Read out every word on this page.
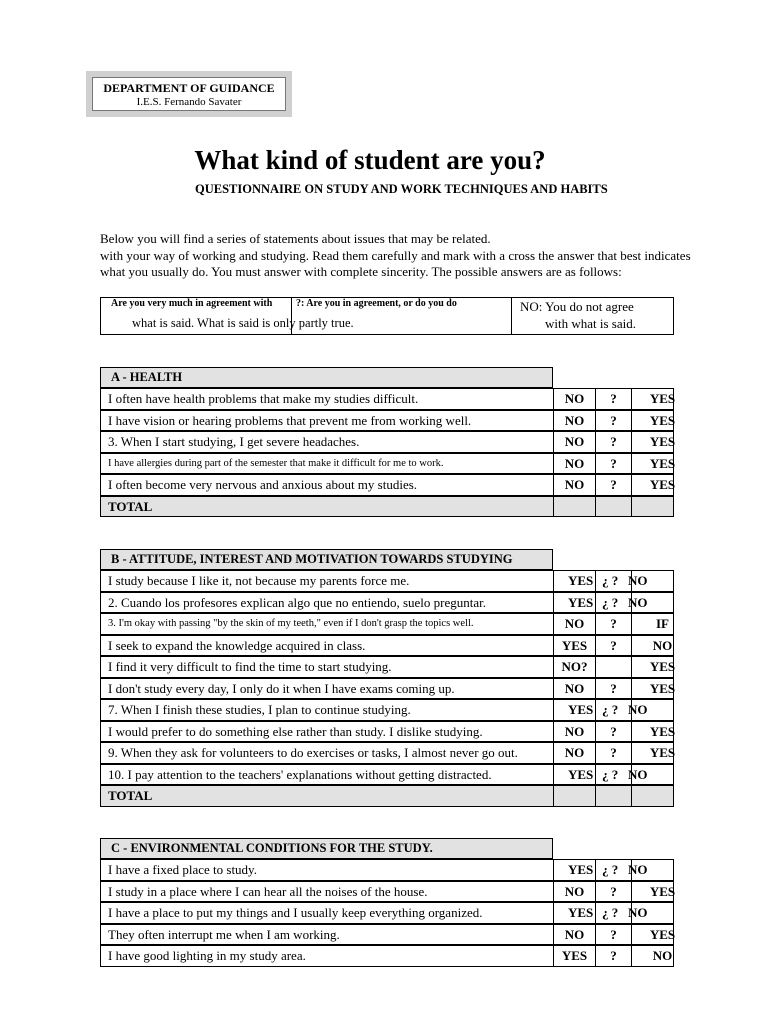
DEPARTMENT OF GUIDANCE
I.E.S. Fernando Savater
What kind of student are you?
QUESTIONNAIRE ON STUDY AND WORK TECHNIQUES AND HABITS
Below you will find a series of statements about issues that may be related.
with your way of working and studying. Read them carefully and mark with a cross the answer that best indicates
what you usually do. You must answer with complete sincerity. The possible answers are as follows:
Are you very much in agreement with
what is said. What is said is only partly true.
?: Are you in agreement, or do you do	NO: You do not agree
with what is said.
A - HEALTH
I often have health problems that make my studies difficult.	NO	?	YES
I have vision or hearing problems that prevent me from working well.	NO	?	YES
3. When I start studying, I get severe headaches.	NO	?	YES
I have allergies during part of the semester that make it difficult for me to work.	NO	?	YES
I often become very nervous and anxious about my studies.	NO	?	YES
TOTAL
B - ATTITUDE, INTEREST AND MOTIVATION TOWARDS STUDYING
I study because I like it, not because my parents force me.	YES ¿ ? NO
2. Cuando los profesores explican algo que no entiendo, suelo preguntar.	YES ¿ ? NO
3. I'm okay with passing "by the skin of my teeth," even if I don't grasp the topics well.	NO	?	IF
I seek to expand the knowledge acquired in class.	YES	?	NO
I find it very difficult to find the time to start studying.	NO?	YES
I don't study every day, I only do it when I have exams coming up.	NO	?	YES
7. When I finish these studies, I plan to continue studying.	YES ¿ ? NO
I would prefer to do something else rather than study. I dislike studying.	NO	?	YES
9. When they ask for volunteers to do exercises or tasks, I almost never go out.	NO	?	YES
10. I pay attention to the teachers' explanations without getting distracted.	YES ¿ ? NO
TOTAL
C - ENVIRONMENTAL CONDITIONS FOR THE STUDY.
I have a fixed place to study.	YES ¿ ? NO
I study in a place where I can hear all the noises of the house.	NO	?	YES
I have a place to put my things and I usually keep everything organized.	YES ¿ ? NO
They often interrupt me when I am working.	NO	?	YES
I have good lighting in my study area.	YES	?	NO
